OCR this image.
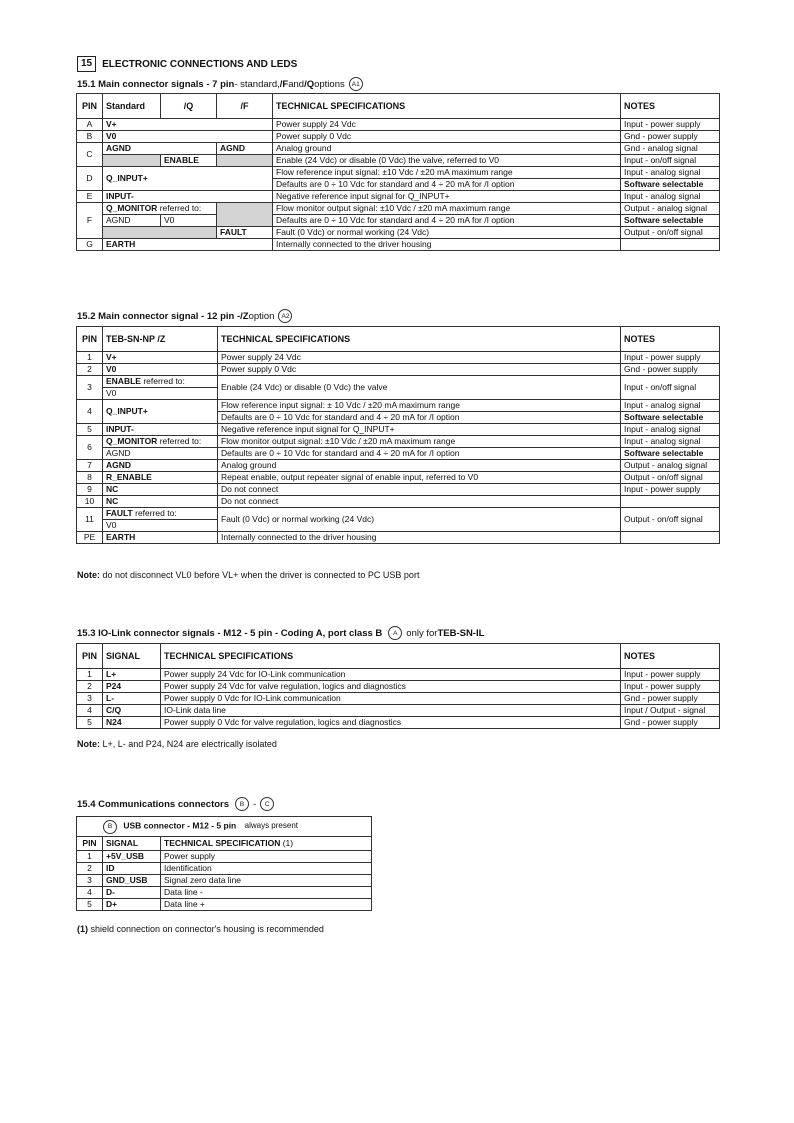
15	ELECTRONIC CONNECTIONS AND LEDS
15.1 Main connector signals - 7 pin - standard, /F and /Q options	A1
PIN	Standard	/Q	/F	TECHNICAL SPECIFICATIONS	NOTES
A	V+			Power supply 24 Vdc	Input - power supply
B	V0			Power supply 0 Vdc	Gnd - power supply
C	AGND		AGND	Analog ground	Gnd - analog signal
		ENABLE		Enable (24 Vdc) or disable (0 Vdc) the valve, referred to V0	Input - on/off signal
D	Q_INPUT+			Flow reference input signal: ±10 Vdc / ±20 mA maximum range	Input - analog signal
				Defaults are 0 ÷ 10 Vdc for standard and 4 ÷ 20 mA for /I option	Software selectable
E	INPUT-			Negative reference input signal for Q_INPUT+	Input - analog signal
F	Q_MONITOR referred to:			Flow monitor output signal: ±10 Vdc / ±20 mA maximum range	Output - analog signal
	AGND	V0		Defaults are 0 ÷ 10 Vdc for standard and 4 ÷ 20 mA for /I option	Software selectable
			FAULT	Fault (0 Vdc) or normal working (24 Vdc)	Output - on/off signal
G	EARTH			Internally connected to the driver housing	
15.2 Main connector signal - 12 pin - /Z option	A2
PIN	TEB-SN-NP /Z	TECHNICAL SPECIFICATIONS	NOTES
1	V+	Power supply 24 Vdc	Input - power supply
2	V0	Power supply 0 Vdc	Gnd - power supply
3	ENABLE referred to:	Enable (24 Vdc) or disable (0 Vdc) the valve	Input - on/off signal
	V0		
4	Q_INPUT+	Flow reference input signal: ± 10 Vdc / ±20 mA maximum range	Input - analog signal
		Defaults are 0 ÷ 10 Vdc for standard and 4 ÷ 20 mA for /I option	Software selectable
5	INPUT-	Negative reference input signal for Q_INPUT+	Input - analog signal
6	Q_MONITOR referred to:	Flow monitor output signal: ±10 Vdc / ±20 mA maximum range	Input - analog signal
	AGND	Defaults are 0 ÷ 10 Vdc for standard and 4 ÷ 20 mA for /I option	Software selectable
7	AGND	Analog ground	Output - analog signal
8	R_ENABLE	Repeat enable, output repeater signal of enable input, referred to V0	Output - on/off signal
9	NC	Do not connect	Input - power supply
10	NC	Do not connect	
11	FAULT referred to:	Fault (0 Vdc) or normal working (24 Vdc)	Output - on/off signal
	V0		
PE	EARTH	Internally connected to the driver housing	
Note: do not disconnect VL0 before VL+ when the driver is connected to PC USB port
15.3 IO-Link connector signals - M12 - 5 pin - Coding A, port class B	A only for TEB-SN-IL
PIN	SIGNAL	TECHNICAL SPECIFICATIONS	NOTES
1	L+	Power supply 24 Vdc for IO-Link communication	Input - power supply
2	P24	Power supply 24 Vdc for valve regulation, logics and diagnostics	Input - power supply
3	L-	Power supply 0 Vdc for IO-Link communication	Gnd - power supply
4	C/Q	IO-Link data line	Input / Output - signal
5	N24	Power supply 0 Vdc for valve regulation, logics and diagnostics	Gnd - power supply
Note: L+, L- and P24, N24 are electrically isolated
15.4 Communications connectors	B -	C
B USB connector - M12 - 5 pin always present		
PIN	SIGNAL	TECHNICAL SPECIFICATION (1)
1	+5V_USB	Power supply
2	ID	Identification
3	GND_USB	Signal zero data line
4	D-	Data line -
5	D+	Data line +
(1) shield connection on connector's housing is recommended
